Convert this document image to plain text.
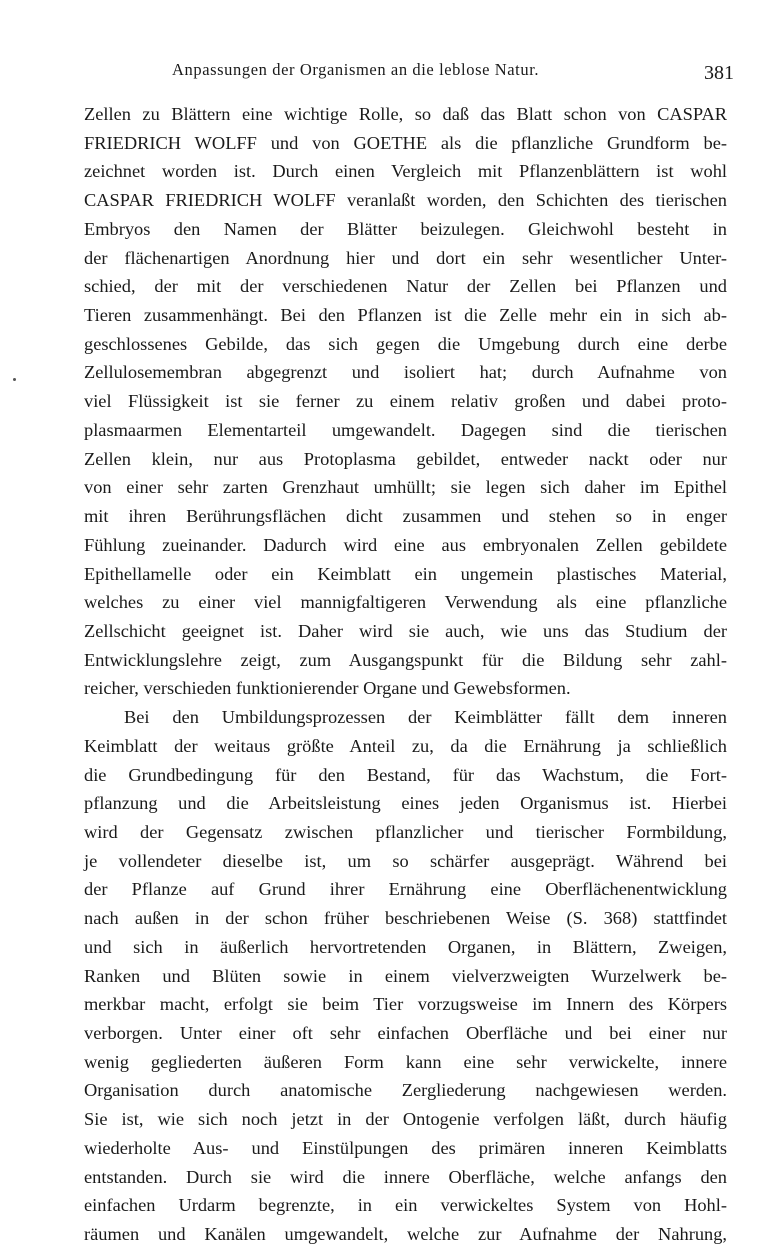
Anpassungen der Organismen an die leblose Natur.	381
Zellen zu Blättern eine wichtige Rolle, so daß das Blatt schon von CASPAR
FRIEDRICH WOLFF und von GOETHE als die pflanzliche Grundform be-
zeichnet worden ist. Durch einen Vergleich mit Pflanzenblättern ist wohl
CASPAR FRIEDRICH WOLFF veranlaßt worden, den Schichten des tierischen
Embryos den Namen der Blätter beizulegen. Gleichwohl besteht in
der flächenartigen Anordnung hier und dort ein sehr wesentlicher Unter-
schied, der mit der verschiedenen Natur der Zellen bei Pflanzen und
Tieren zusammenhängt. Bei den Pflanzen ist die Zelle mehr ein in sich ab-
geschlossenes Gebilde, das sich gegen die Umgebung durch eine derbe
Zellulosemembran abgegrenzt und isoliert hat; durch Aufnahme von
viel Flüssigkeit ist sie ferner zu einem relativ großen und dabei proto-
plasmaarmen Elementarteil umgewandelt. Dagegen sind die tierischen
Zellen klein, nur aus Protoplasma gebildet, entweder nackt oder nur
von einer sehr zarten Grenzhaut umhüllt; sie legen sich daher im Epithel
mit ihren Berührungsflächen dicht zusammen und stehen so in enger
Fühlung zueinander. Dadurch wird eine aus embryonalen Zellen gebildete
Epithellamelle oder ein Keimblatt ein ungemein plastisches Material,
welches zu einer viel mannigfaltigeren Verwendung als eine pflanzliche
Zellschicht geeignet ist. Daher wird sie auch, wie uns das Studium der
Entwicklungslehre zeigt, zum Ausgangspunkt für die Bildung sehr zahl-
reicher, verschieden funktionierender Organe und Gewebsformen.
Bei den Umbildungsprozessen der Keimblätter fällt dem inneren
Keimblatt der weitaus größte Anteil zu, da die Ernährung ja schließlich
die Grundbedingung für den Bestand, für das Wachstum, die Fort-
pflanzung und die Arbeitsleistung eines jeden Organismus ist. Hierbei
wird der Gegensatz zwischen pflanzlicher und tierischer Formbildung,
je vollendeter dieselbe ist, um so schärfer ausgeprägt. Während bei
der Pflanze auf Grund ihrer Ernährung eine Oberflächenentwicklung
nach außen in der schon früher beschriebenen Weise (S. 368) stattfindet
und sich in äußerlich hervortretenden Organen, in Blättern, Zweigen,
Ranken und Blüten sowie in einem vielverzweigten Wurzelwerk be-
merkbar macht, erfolgt sie beim Tier vorzugsweise im Innern des Körpers
verborgen. Unter einer oft sehr einfachen Oberfläche und bei einer nur
wenig gegliederten äußeren Form kann eine sehr verwickelte, innere
Organisation durch anatomische Zergliederung nachgewiesen werden.
Sie ist, wie sich noch jetzt in der Ontogenie verfolgen läßt, durch häufig
wiederholte Aus- und Einstülpungen des primären inneren Keimblatts
entstanden. Durch sie wird die innere Oberfläche, welche anfangs den
einfachen Urdarm begrenzte, in ein verwickeltes System von Hohl-
räumen und Kanälen umgewandelt, welche zur Aufnahme der Nahrung,
